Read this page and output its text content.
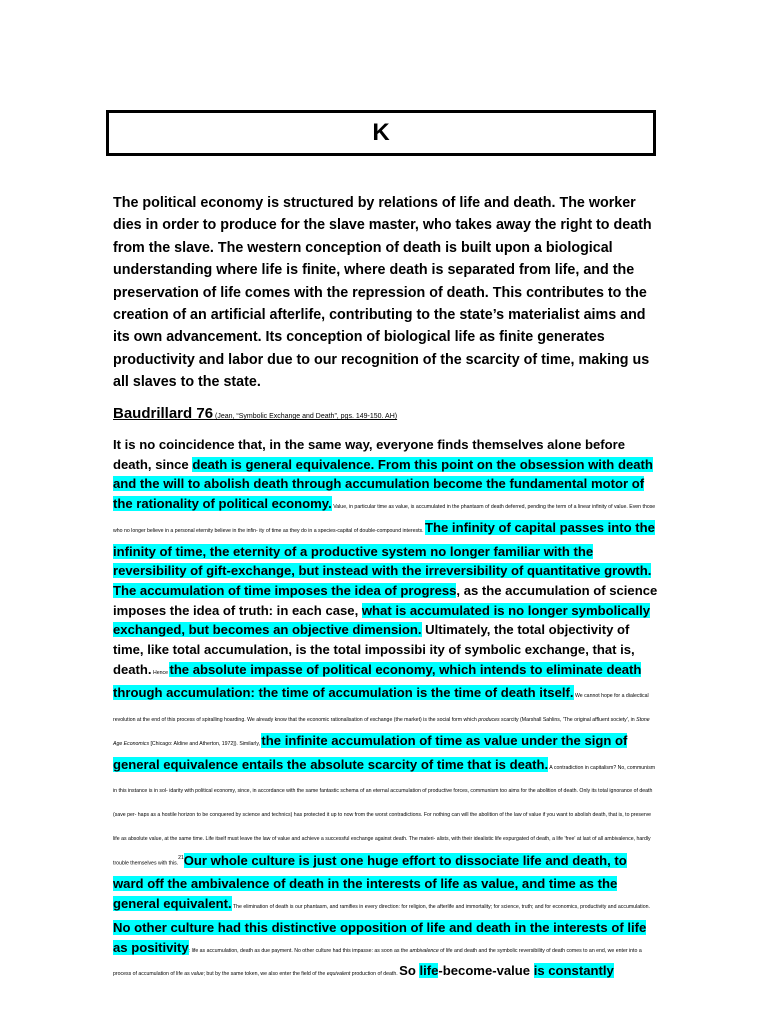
K
The political economy is structured by relations of life and death. The worker dies in order to produce for the slave master, who takes away the right to death from the slave. The western conception of death is built upon a biological understanding where life is finite, where death is separated from life, and the preservation of life comes with the repression of death. This contributes to the creation of an artificial afterlife, contributing to the state’s materialist aims and its own advancement. Its conception of biological life as finite generates productivity and labor due to our recognition of the scarcity of time, making us all slaves to the state.
Baudrillard 76 (Jean, “Symbolic Exchange and Death”, pgs. 149-150. AH)
It is no coincidence that, in the same way, everyone finds themselves alone before death, since death is general equivalence. From this point on the obsession with death and the will to abolish death through accumulation become the fundamental motor of the rationality of political economy. Value, in particular time as value, is accumulated in the phantasm of death deferred, pending the term of a linear infinity of value. Even those who no longer believe in a personal eternity believe in the infin- ity of time as they do in a species-capital of double-compound interests. The infinity of capital passes into the infinity of time, the eternity of a productive system no longer familiar with the reversibility of gift-exchange, but instead with the irreversibility of quantitative growth. The accumulation of time imposes the idea of progress, as the accumulation of science imposes the idea of truth: in each case, what is accumulated is no longer symbolically exchanged, but becomes an objective dimension. Ultimately, the total objectivity of time, like total accumulation, is the total impossibi ity of symbolic exchange, that is, death. Hence the absolute impasse of political economy, which intends to eliminate death through accumulation: the time of accumulation is the time of death itself. We cannot hope for a dialectical revolution at the end of this process of spiralling hoarding. We already know that the economic rationalisation of exchange (the market) is the social form which produces scarcity (Marshall Sahlins, 'The original affluent society', in Stone Age Economics [Chicago: Aldine and Atherton, 1972]). Similarly, the infinite accumulation of time as value under the sign of general equivalence entails the absolute scarcity of time that is death. A contradiction in capitalism? No, communism in this instance is in sol- idarity with political economy, since, in accordance with the same fantastic schema of an eternal accumulation of productive forces, communism too aims for the abolition of death. Only its total ignorance of death (save per- haps as a hostile horizon to be conquered by science and technics) has protected it up to now from the worst contradictions. For nothing can will the abolition of the law of value if you want to abolish death, that is, to preserve life as absolute value, at the same time. Life itself must leave the law of value and achieve a successful exchange against death. The materi- alists, with their idealistic life expurgated of death, a life 'free' at last of all ambivalence, hardly trouble themselves with this.$^{21}$Our whole culture is just one huge effort to dissociate life and death, to ward off the ambivalence of death in the interests of life as value, and time as the general equivalent. The elimination of death is our phantasm, and ramifies in every direction: for religion, the afterlife and immortality; for science, truth; and for economics, productivity and accumulation. No other culture had this distinctive opposition of life and death in the interests of life as positivity: life as accumulation, death as due payment. No other culture had this impasse: as soon as the ambivalence of life and death and the symbolic reversibility of death comes to an end, we enter into a process of accumulation of life as value; but by the same token, we also enter the field of the equivalent production of death. So life-become-value is constantly
